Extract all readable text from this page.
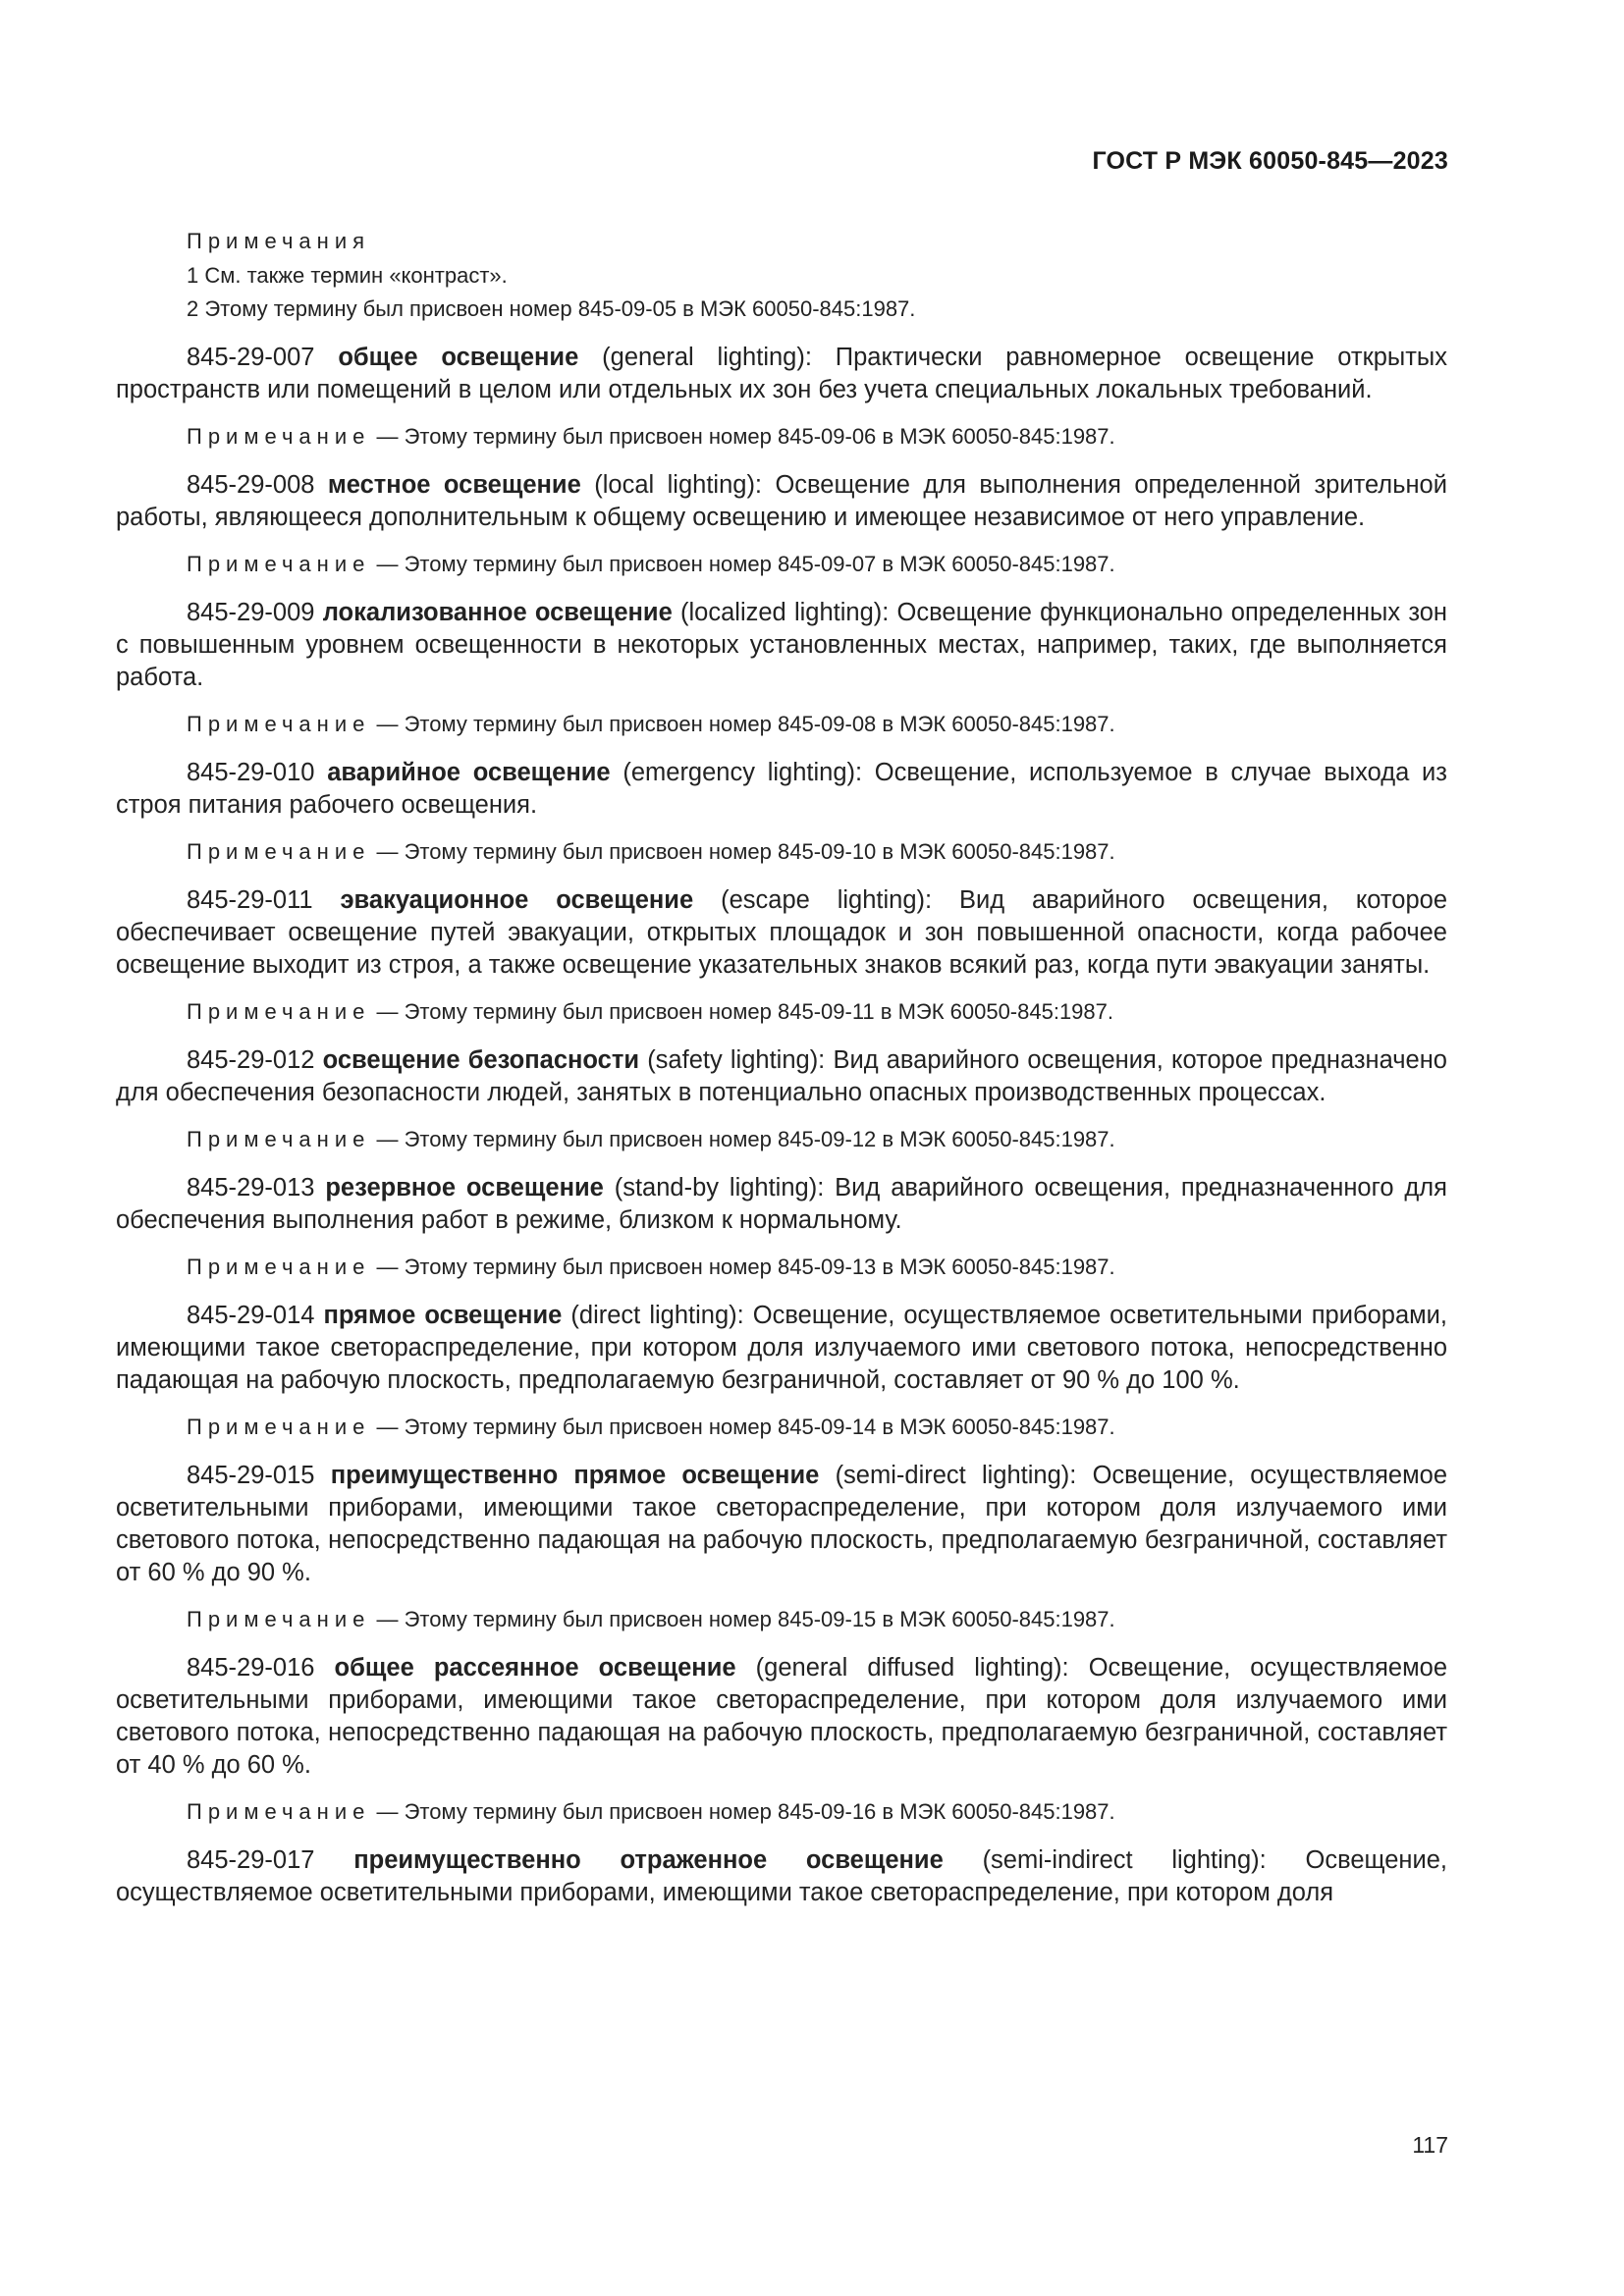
ГОСТ Р МЭК 60050-845—2023
Примечания
1 См. также термин «контраст».
2 Этому термину был присвоен номер 845-09-05 в МЭК 60050-845:1987.

845-29-007 общее освещение (general lighting): Практически равномерное освещение открытых пространств или помещений в целом или отдельных их зон без учета специальных локальных требований.

Примечание — Этому термину был присвоен номер 845-09-06 в МЭК 60050-845:1987.

845-29-008 местное освещение (local lighting): Освещение для выполнения определенной зрительной работы, являющееся дополнительным к общему освещению и имеющее независимое от него управление.

Примечание — Этому термину был присвоен номер 845-09-07 в МЭК 60050-845:1987.

845-29-009 локализованное освещение (localized lighting): Освещение функционально определенных зон с повышенным уровнем освещенности в некоторых установленных местах, например, таких, где выполняется работа.

Примечание — Этому термину был присвоен номер 845-09-08 в МЭК 60050-845:1987.

845-29-010 аварийное освещение (emergency lighting): Освещение, используемое в случае выхода из строя питания рабочего освещения.

Примечание — Этому термину был присвоен номер 845-09-10 в МЭК 60050-845:1987.

845-29-011 эвакуационное освещение (escape lighting): Вид аварийного освещения, которое обеспечивает освещение путей эвакуации, открытых площадок и зон повышенной опасности, когда рабочее освещение выходит из строя, а также освещение указательных знаков всякий раз, когда пути эвакуации заняты.

Примечание — Этому термину был присвоен номер 845-09-11 в МЭК 60050-845:1987.

845-29-012 освещение безопасности (safety lighting): Вид аварийного освещения, которое предназначено для обеспечения безопасности людей, занятых в потенциально опасных производственных процессах.

Примечание — Этому термину был присвоен номер 845-09-12 в МЭК 60050-845:1987.

845-29-013 резервное освещение (stand-by lighting): Вид аварийного освещения, предназначенного для обеспечения выполнения работ в режиме, близком к нормальному.

Примечание — Этому термину был присвоен номер 845-09-13 в МЭК 60050-845:1987.

845-29-014 прямое освещение (direct lighting): Освещение, осуществляемое осветительными приборами, имеющими такое светораспределение, при котором доля излучаемого ими светового потока, непосредственно падающая на рабочую плоскость, предполагаемую безграничной, составляет от 90 % до 100 %.

Примечание — Этому термину был присвоен номер 845-09-14 в МЭК 60050-845:1987.

845-29-015 преимущественно прямое освещение (semi-direct lighting): Освещение, осуществляемое осветительными приборами, имеющими такое светораспределение, при котором доля излучаемого ими светового потока, непосредственно падающая на рабочую плоскость, предполагаемую безграничной, составляет от 60 % до 90 %.

Примечание — Этому термину был присвоен номер 845-09-15 в МЭК 60050-845:1987.

845-29-016 общее рассеянное освещение (general diffused lighting): Освещение, осуществляемое осветительными приборами, имеющими такое светораспределение, при котором доля излучаемого ими светового потока, непосредственно падающая на рабочую плоскость, предполагаемую безграничной, составляет от 40 % до 60 %.

Примечание — Этому термину был присвоен номер 845-09-16 в МЭК 60050-845:1987.

845-29-017 преимущественно отраженное освещение (semi-indirect lighting): Освещение, осуществляемое осветительными приборами, имеющими такое светораспределение, при котором доля

117
